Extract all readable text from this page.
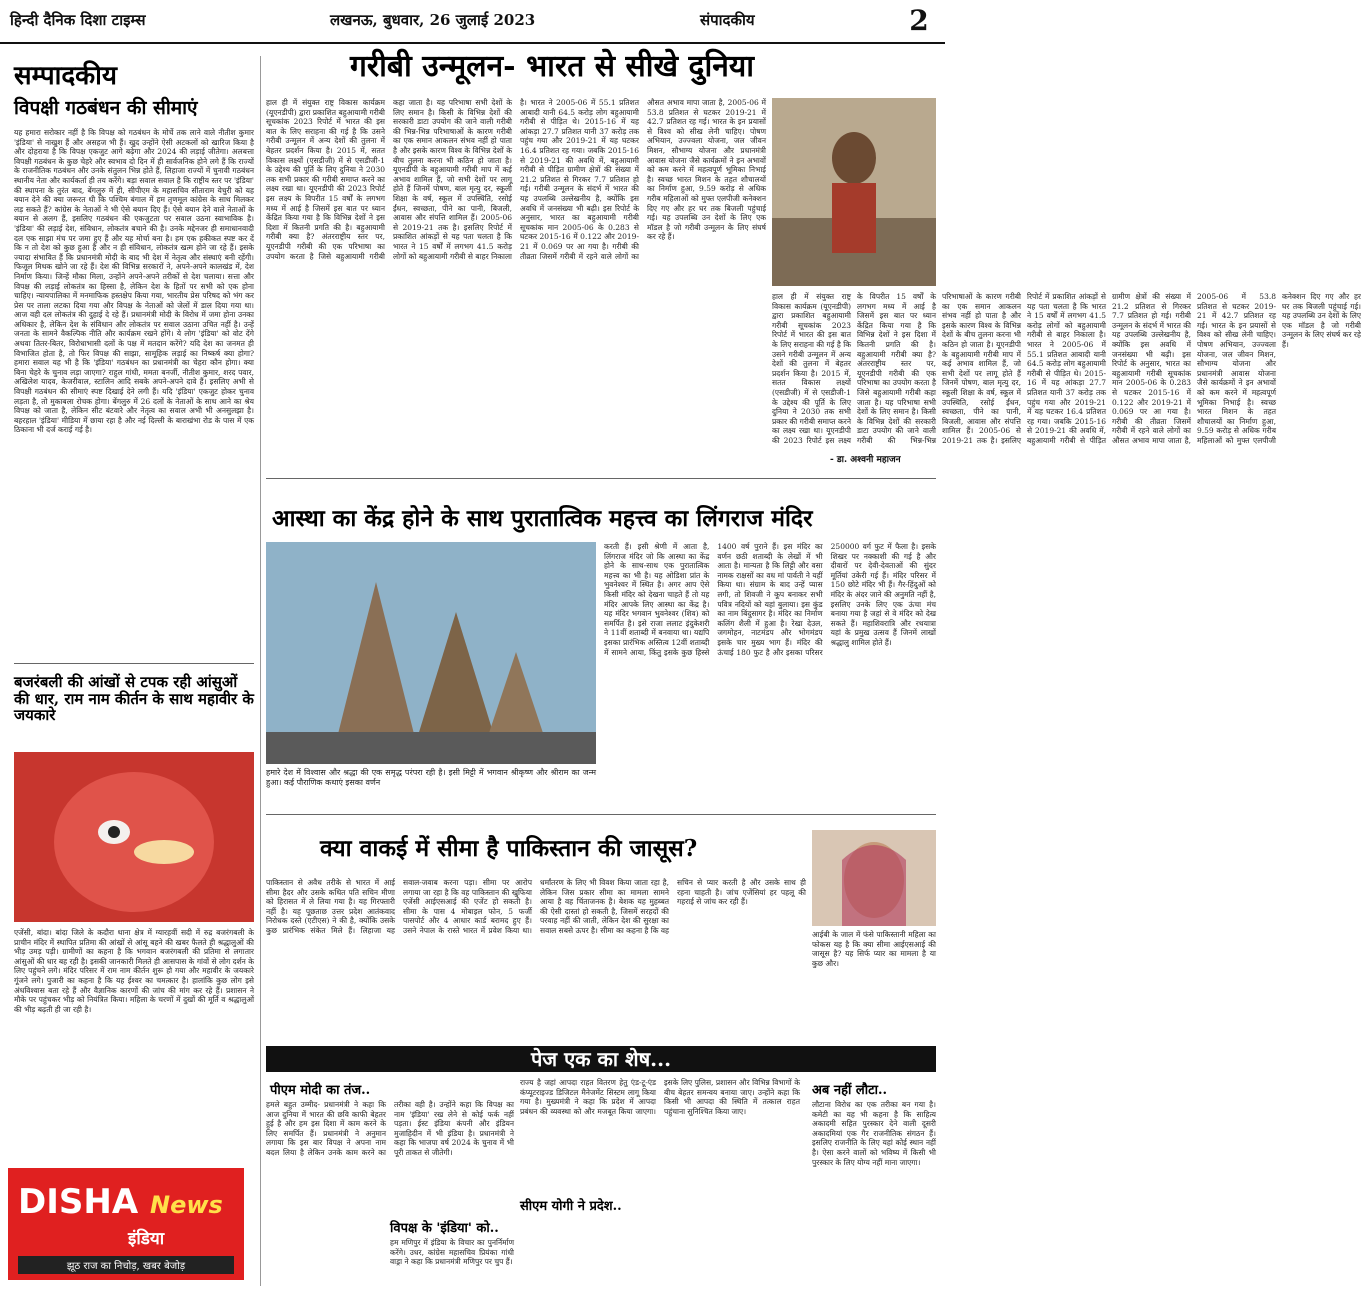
हिन्दी दैनिक दिशा टाइम्स	लखनऊ, बुधवार, 26 जुलाई 2023	संपादकीय	2
सम्पादकीय
विपक्षी गठबंधन की सीमाएं
यह हमारा सरोकार नहीं है कि विपक्ष को गठबंधन के मोर्चे तक लाने वाले नीतीश कुमार 'इंडिया' से नाखुश हैं और असहज भी हैं। खुद उन्होंने ऐसी अटकलों को खारिज किया है और दोहराया है कि विपक्ष एकजुट आगे बढ़ेगा और 2024 की लड़ाई जीतेगा। अलबत्ता विपक्षी गठबंधन के कुछ चेहरे और स्वभाव दो दिन में ही सार्वजनिक होने लगे हैं कि राज्यों के राजनीतिक गठबंधन और उनके संतुलन भिन्न होते हैं, लिहाजा राज्यों में चुनावी गठबंधन स्थानीय नेता और कार्यकर्ता ही तय करेंगे। बड़ा सवाल सवाल है कि राष्ट्रीय स्तर पर 'इंडिया' की स्थापना के तुरंत बाद, बेंगलुरु में ही, सीपीएम के महासचिव सीताराम येचुरी को यह बयान देने की क्या जरूरत थी कि पश्चिम बंगाल में हम तृणमूल कांग्रेस के साथ मिलकर लड़ सकते हैं? कांग्रेस के नेताओं ने भी ऐसे बयान दिए हैं। ऐसे बयान देने वाले नेताओं के बयान से अलग हैं, इसलिए गठबंधन की एकजुटता पर सवाल उठना स्वाभाविक है। 'इंडिया' की लड़ाई देश, संविधान, लोकतंत्र बचाने की है। उनके मद्देनजर ही समाधानवादी दल एक साझा मंच पर जमा हुए हैं और यह मोर्चा बना है। हम एक हकीकत स्पष्ट कर दें कि न तो देश को कुछ हुआ है और न ही संविधान, लोकतंत्र खत्म होने जा रहे हैं। इसके ज्यादा संभावित हैं कि प्रधानमंत्री मोदी के बाद भी देश में नेतृत्व और संस्थाएं बनी रहेंगी। फिजूल मिथक खोने जा रहे हैं। देश की विभिन्न सरकारों ने, अपने-अपने कालखंड में, देश निर्माण किया। जिन्हें मौका मिला, उन्होंने अपने-अपने तरीकों से देश चलाया। सत्ता और विपक्ष की लड़ाई लोकतंत्र का हिस्सा है, लेकिन देश के हितों पर सभी को एक होना चाहिए। न्यायपालिका में मनमाफिक हस्तक्षेप किया गया, भारतीय प्रेस परिषद को भंग कर प्रेस पर ताला लटका दिया गया और विपक्ष के नेताओं को जेलों में डाल दिया गया था। आज वही दल लोकतंत्र की दुहाई दे रहे हैं। प्रधानमंत्री मोदी के विरोध में जमा होना उनका अधिकार है, लेकिन देश के संविधान और लोकतंत्र पर सवाल उठाना उचित नहीं है। उन्हें जनता के सामने वैकल्पिक नीति और कार्यक्रम रखने होंगे। ये लोग 'इंडिया' को वोट देंगे अथवा तितर-बितर, विरोधाभासी दलों के पक्ष में मतदान करेंगे? यदि देश का जनमत ही विभाजित होता है, तो फिर विपक्ष की साझा, सामूहिक लड़ाई का निष्कर्ष क्या होगा? हमारा सवाल यह भी है कि 'इंडिया' गठबंधन का प्रधानमंत्री का चेहरा कौन होगा। क्या बिना चेहरे के चुनाव लड़ा जाएगा? राहुल गांधी, ममता बनर्जी, नीतीश कुमार, शरद पवार, अखिलेश यादव, केजरीवाल, स्टालिन आदि सबके अपने-अपने दावे हैं। इसलिए अभी से विपक्षी गठबंधन की सीमाएं स्पष्ट दिखाई देने लगी हैं। यदि 'इंडिया' एकजुट होकर चुनाव लड़ता है, तो मुकाबला रोचक होगा। बेंगलुरु में 26 दलों के नेताओं के साथ आने का श्रेय विपक्ष को जाता है, लेकिन सीट बंटवारे और नेतृत्व का सवाल अभी भी अनसुलझा है। बहरहाल 'इंडिया' मीडिया में छाया रहा है और नई दिल्ली के बाराखंभा रोड के पास में एक ठिकाना भी दर्ज कराई गई है।
बजरंबली की आंखों से टपक रही आंसुओं की धार, राम नाम कीर्तन के साथ महावीर के जयकारे
एजेंसी, बांदा। बांदा जिले के कदौरा थाना क्षेत्र में ग्यारहवीं सदी में रुद्र बजरंगबली के प्राचीन मंदिर में स्थापित प्रतिमा की आंखों से आंसू बहने की खबर फैलते ही श्रद्धालुओं की भीड़ उमड़ पड़ी। ग्रामीणों का कहना है कि भगवान बजरंगबली की प्रतिमा से लगातार आंसुओं की धार बह रही है। इसकी जानकारी मिलते ही आसपास के गांवों से लोग दर्शन के लिए पहुंचने लगे। मंदिर परिसर में राम नाम कीर्तन शुरू हो गया और महावीर के जयकारे गूंजने लगे। पुजारी का कहना है कि यह ईश्वर का चमत्कार है। हालांकि कुछ लोग इसे अंधविश्वास बता रहे हैं और वैज्ञानिक कारणों की जांच की मांग कर रहे हैं। प्रशासन ने मौके पर पहुंचकर भीड़ को नियंत्रित किया। महिला के चरणों में दुखों की मूर्ति व श्रद्धालुओं की भीड़ बढ़ती ही जा रही है।
DISHA News
इंडिया
झूठ राज का निचोड़, खबर बेजोड़
गरीबी उन्मूलन- भारत से सीखे दुनिया
हाल ही में संयुक्त राष्ट्र विकास कार्यक्रम (यूएनडीपी) द्वारा प्रकाशित बहुआयामी गरीबी सूचकांक 2023 रिपोर्ट में भारत की इस बात के लिए सराहना की गई है कि उसने गरीबी उन्मूलन में अन्य देशों की तुलना में बेहतर प्रदर्शन किया है। 2015 में, सतत विकास लक्ष्यों (एसडीजी) में से एसडीजी-1 के उद्देश्य की पूर्ति के लिए दुनिया ने 2030 तक सभी प्रकार की गरीबी समाप्त करने का लक्ष्य रखा था। यूएनडीपी की 2023 रिपोर्ट इस लक्ष्य के विपरीत 15 वर्षों के लगभग मध्य में आई है जिसमें इस बात पर ध्यान केंद्रित किया गया है कि विभिन्न देशों ने इस दिशा में कितनी प्रगति की है। बहुआयामी गरीबी क्या है? अंतरराष्ट्रीय स्तर पर, यूएनडीपी गरीबी की एक परिभाषा का उपयोग करता है जिसे बहुआयामी गरीबी कहा जाता है। यह परिभाषा सभी देशों के लिए समान है। किसी के विभिन्न देशों की सरकारी डाटा उपयोग की जाने वाली गरीबी की भिन्न-भिन्न परिभाषाओं के कारण गरीबी का एक समान आकलन संभव नहीं हो पाता है और इसके कारण विश्व के विभिन्न देशों के बीच तुलना करना भी कठिन हो जाता है। यूएनडीपी के बहुआयामी गरीबी माप में कई अभाव शामिल हैं, जो सभी देशों पर लागू होते हैं जिनमें पोषण, बाल मृत्यु दर, स्कूली शिक्षा के वर्ष, स्कूल में उपस्थिति, रसोई ईंधन, स्वच्छता, पीने का पानी, बिजली, आवास और संपत्ति शामिल हैं। 2005-06 से 2019-21 तक है। इसलिए रिपोर्ट में प्रकाशित आंकड़ों से यह पता चलता है कि भारत ने 15 वर्षों में लगभग 41.5 करोड़ लोगों को बहुआयामी गरीबी से बाहर निकाला है। भारत ने 2005-06 में 55.1 प्रतिशत आबादी यानी 64.5 करोड़ लोग बहुआयामी गरीबी से पीड़ित थे। 2015-16 में यह आंकड़ा 27.7 प्रतिशत यानी 37 करोड़ तक पहुंच गया और 2019-21 में यह घटकर 16.4 प्रतिशत रह गया। जबकि 2015-16 से 2019-21 की अवधि में, बहुआयामी गरीबी से पीड़ित ग्रामीण क्षेत्रों की संख्या में 21.2 प्रतिशत से गिरकर 7.7 प्रतिशत हो गई। गरीबी उन्मूलन के संदर्भ में भारत की यह उपलब्धि उल्लेखनीय है, क्योंकि इस अवधि में जनसंख्या भी बढ़ी। इस रिपोर्ट के अनुसार, भारत का बहुआयामी गरीबी सूचकांक मान 2005-06 के 0.283 से घटकर 2015-16 में 0.122 और 2019-21 में 0.069 पर आ गया है। गरीबी की तीव्रता जिसमें गरीबी में रहने वाले लोगों का औसत अभाव मापा जाता है, 2005-06 में 53.8 प्रतिशत से घटकर 2019-21 में 42.7 प्रतिशत रह गई। भारत के इन प्रयासों से विश्व को सीख लेनी चाहिए। पोषण अभियान, उज्ज्वला योजना, जल जीवन मिशन, सौभाग्य योजना और प्रधानमंत्री आवास योजना जैसे कार्यक्रमों ने इन अभावों को कम करने में महत्वपूर्ण भूमिका निभाई है। स्वच्छ भारत मिशन के तहत शौचालयों का निर्माण हुआ, 9.59 करोड़ से अधिक गरीब महिलाओं को मुफ्त एलपीजी कनेक्शन दिए गए और हर घर तक बिजली पहुंचाई गई। यह उपलब्धि उन देशों के लिए एक मॉडल है जो गरीबी उन्मूलन के लिए संघर्ष कर रहे हैं।
हाल ही में संयुक्त राष्ट्र विकास कार्यक्रम (यूएनडीपी) द्वारा प्रकाशित बहुआयामी गरीबी सूचकांक 2023 रिपोर्ट में भारत की इस बात के लिए सराहना की गई है कि उसने गरीबी उन्मूलन में अन्य देशों की तुलना में बेहतर प्रदर्शन किया है। 2015 में, सतत विकास लक्ष्यों (एसडीजी) में से एसडीजी-1 के उद्देश्य की पूर्ति के लिए दुनिया ने 2030 तक सभी प्रकार की गरीबी समाप्त करने का लक्ष्य रखा था। यूएनडीपी की 2023 रिपोर्ट इस लक्ष्य के विपरीत 15 वर्षों के लगभग मध्य में आई है जिसमें इस बात पर ध्यान केंद्रित किया गया है कि विभिन्न देशों ने इस दिशा में कितनी प्रगति की है। बहुआयामी गरीबी क्या है? अंतरराष्ट्रीय स्तर पर, यूएनडीपी गरीबी की एक परिभाषा का उपयोग करता है जिसे बहुआयामी गरीबी कहा जाता है। यह परिभाषा सभी देशों के लिए समान है। किसी के विभिन्न देशों की सरकारी डाटा उपयोग की जाने वाली गरीबी की भिन्न-भिन्न परिभाषाओं के कारण गरीबी का एक समान आकलन संभव नहीं हो पाता है और इसके कारण विश्व के विभिन्न देशों के बीच तुलना करना भी कठिन हो जाता है। यूएनडीपी के बहुआयामी गरीबी माप में कई अभाव शामिल हैं, जो सभी देशों पर लागू होते हैं जिनमें पोषण, बाल मृत्यु दर, स्कूली शिक्षा के वर्ष, स्कूल में उपस्थिति, रसोई ईंधन, स्वच्छता, पीने का पानी, बिजली, आवास और संपत्ति शामिल हैं। 2005-06 से 2019-21 तक है। इसलिए रिपोर्ट में प्रकाशित आंकड़ों से यह पता चलता है कि भारत ने 15 वर्षों में लगभग 41.5 करोड़ लोगों को बहुआयामी गरीबी से बाहर निकाला है। भारत ने 2005-06 में 55.1 प्रतिशत आबादी यानी 64.5 करोड़ लोग बहुआयामी गरीबी से पीड़ित थे। 2015-16 में यह आंकड़ा 27.7 प्रतिशत यानी 37 करोड़ तक पहुंच गया और 2019-21 में यह घटकर 16.4 प्रतिशत रह गया। जबकि 2015-16 से 2019-21 की अवधि में, बहुआयामी गरीबी से पीड़ित ग्रामीण क्षेत्रों की संख्या में 21.2 प्रतिशत से गिरकर 7.7 प्रतिशत हो गई। गरीबी उन्मूलन के संदर्भ में भारत की यह उपलब्धि उल्लेखनीय है, क्योंकि इस अवधि में जनसंख्या भी बढ़ी। इस रिपोर्ट के अनुसार, भारत का बहुआयामी गरीबी सूचकांक मान 2005-06 के 0.283 से घटकर 2015-16 में 0.122 और 2019-21 में 0.069 पर आ गया है। गरीबी की तीव्रता जिसमें गरीबी में रहने वाले लोगों का औसत अभाव मापा जाता है, 2005-06 में 53.8 प्रतिशत से घटकर 2019-21 में 42.7 प्रतिशत रह गई। भारत के इन प्रयासों से विश्व को सीख लेनी चाहिए। पोषण अभियान, उज्ज्वला योजना, जल जीवन मिशन, सौभाग्य योजना और प्रधानमंत्री आवास योजना जैसे कार्यक्रमों ने इन अभावों को कम करने में महत्वपूर्ण भूमिका निभाई है। स्वच्छ भारत मिशन के तहत शौचालयों का निर्माण हुआ, 9.59 करोड़ से अधिक गरीब महिलाओं को मुफ्त एलपीजी कनेक्शन दिए गए और हर घर तक बिजली पहुंचाई गई। यह उपलब्धि उन देशों के लिए एक मॉडल है जो गरीबी उन्मूलन के लिए संघर्ष कर रहे हैं।
- डा. अश्वनी महाजन
आस्था का केंद्र होने के साथ पुरातात्विक महत्त्व का लिंगराज मंदिर
हमारे देश में विश्वास और श्रद्धा की एक समृद्ध परंपरा रही है। इसी मिट्टी में भगवान श्रीकृष्ण और श्रीराम का जन्म हुआ। कई पौराणिक कथाएं इसका वर्णन
करती हैं। इसी श्रेणी में आता है, लिंगराज मंदिर जो कि आस्था का केंद्र होने के साथ-साथ एक पुरातात्विक महत्त्व का भी है। यह ओडिशा प्रांत के भुवनेश्वर में स्थित है। अगर आप ऐसे किसी मंदिर को देखना चाहते हैं तो यह मंदिर आपके लिए आस्था का केंद्र है। यह मंदिर भगवान भुवनेश्वर (शिव) को समर्पित है। इसे राजा ललाट इंदुकेशरी ने 11वीं शताब्दी में बनवाया था। यद्यपि इसका प्रारंभिक अस्तित्व 12वीं शताब्दी में सामने आया, किंतु इसके कुछ हिस्से 1400 वर्ष पुराने हैं। इस मंदिर का वर्णन छठी शताब्दी के लेखों में भी आता है। मान्यता है कि लिट्टी और वसा नामक राक्षसों का वध मां पार्वती ने यहीं किया था। संग्राम के बाद उन्हें प्यास लगी, तो शिवजी ने कूप बनाकर सभी पवित्र नदियों को यहां बुलाया। इस कुंड का नाम बिंदुसागर है। मंदिर का निर्माण कलिंग शैली में हुआ है। रेखा देउल, जगमोहन, नाटमंडप और भोगमंडप इसके चार मुख्य भाग हैं। मंदिर की ऊंचाई 180 फुट है और इसका परिसर 250000 वर्ग फुट में फैला है। इसके शिखर पर नक्काशी की गई है और दीवारों पर देवी-देवताओं की सुंदर मूर्तियां उकेरी गई हैं। मंदिर परिसर में 150 छोटे मंदिर भी हैं। गैर-हिंदुओं को मंदिर के अंदर जाने की अनुमति नहीं है, इसलिए उनके लिए एक ऊंचा मंच बनाया गया है जहां से वे मंदिर को देख सकते हैं। महाशिवरात्रि और रथयात्रा यहां के प्रमुख उत्सव हैं जिनमें लाखों श्रद्धालु शामिल होते हैं।
क्या वाकई में सीमा है पाकिस्तान की जासूस?
पाकिस्तान से अवैध तरीके से भारत में आई सीमा हैदर और उसके कथित पति सचिन मीणा को हिरासत में ले लिया गया है। यह गिरफ्तारी नहीं है। यह पूछताछ उत्तर प्रदेश आतंकवाद निरोधक दस्ते (एटीएस) ने की है, क्योंकि उसके कुछ प्रारंभिक संकेत मिले हैं। लिहाजा यह सवाल-जवाब करना पड़ा। सीमा पर आरोप लगाया जा रहा है कि वह पाकिस्तान की खुफिया एजेंसी आईएसआई की एजेंट हो सकती है। सीमा के पास 4 मोबाइल फोन, 5 फर्जी पासपोर्ट और 4 आधार कार्ड बरामद हुए हैं। उसने नेपाल के रास्ते भारत में प्रवेश किया था। धर्मांतरण के लिए भी विवश किया जाता रहा है, लेकिन जिस प्रकार सीमा का मामला सामने आया है वह चिंताजनक है। बेशक यह मुहब्बत की ऐसी दास्तां हो सकती है, जिसमें सरहदों की परवाह नहीं की जाती, लेकिन देश की सुरक्षा का सवाल सबसे ऊपर है। सीमा का कहना है कि वह सचिन से प्यार करती है और उसके साथ ही रहना चाहती है। जांच एजेंसियां हर पहलू की गहराई से जांच कर रही हैं।
आईबी के जाल में फंसे पाकिस्तानी महिला का फोकस यह है कि क्या सीमा आईएसआई की जासूस है? यह सिर्फ प्यार का मामला है या कुछ और।
पेज एक का शेष...
पीएम मोदी का तंज..
हमले बहुत उम्मीद- प्रधानमंत्री ने कहा कि आज दुनिया में भारत की छवि काफी बेहतर हुई है और हम इस दिशा में काम करने के लिए समर्पित हैं। प्रधानमंत्री ने अनुमान लगाया कि इस बार विपक्ष ने अपना नाम बदल लिया है लेकिन उनके काम करने का तरीका वही है। उन्होंने कहा कि विपक्ष का नाम 'इंडिया' रख लेने से कोई फर्क नहीं पड़ता। ईस्ट इंडिया कंपनी और इंडियन मुजाहिदीन में भी इंडिया है। प्रधानमंत्री ने कहा कि भाजपा वर्ष 2024 के चुनाव में भी पूरी ताकत से जीतेगी।
विपक्ष के 'इंडिया' को..
हम मणिपुर में इंडिया के विचार का पुनर्निर्माण करेंगे। उधर, कांग्रेस महासचिव प्रियंका गांधी वाड्रा ने कहा कि प्रधानमंत्री मणिपुर पर चुप हैं।
सीएम योगी ने प्रदेश..
राज्य है जहां आपदा राहत वितरण हेतु एंड-टू-एंड कंप्यूटराइज्ड डिजिटल मैनेजमेंट सिस्टम लागू किया गया है। मुख्यमंत्री ने कहा कि प्रदेश में आपदा प्रबंधन की व्यवस्था को और मजबूत किया जाएगा। इसके लिए पुलिस, प्रशासन और विभिन्न विभागों के बीच बेहतर समन्वय बनाया जाए। उन्होंने कहा कि किसी भी आपदा की स्थिति में तत्काल राहत पहुंचाना सुनिश्चित किया जाए।
अब नहीं लौटा..
लौटाना विरोध का एक तरीका बन गया है। कमेटी का यह भी कहना है कि साहित्य अकादमी सहित पुरस्कार देने वाली दूसरी अकादमियां एक गैर राजनीतिक संगठन हैं। इसलिए राजनीति के लिए यहां कोई स्थान नहीं है। ऐसा करने वालों को भविष्य में किसी भी पुरस्कार के लिए योग्य नहीं माना जाएगा।
